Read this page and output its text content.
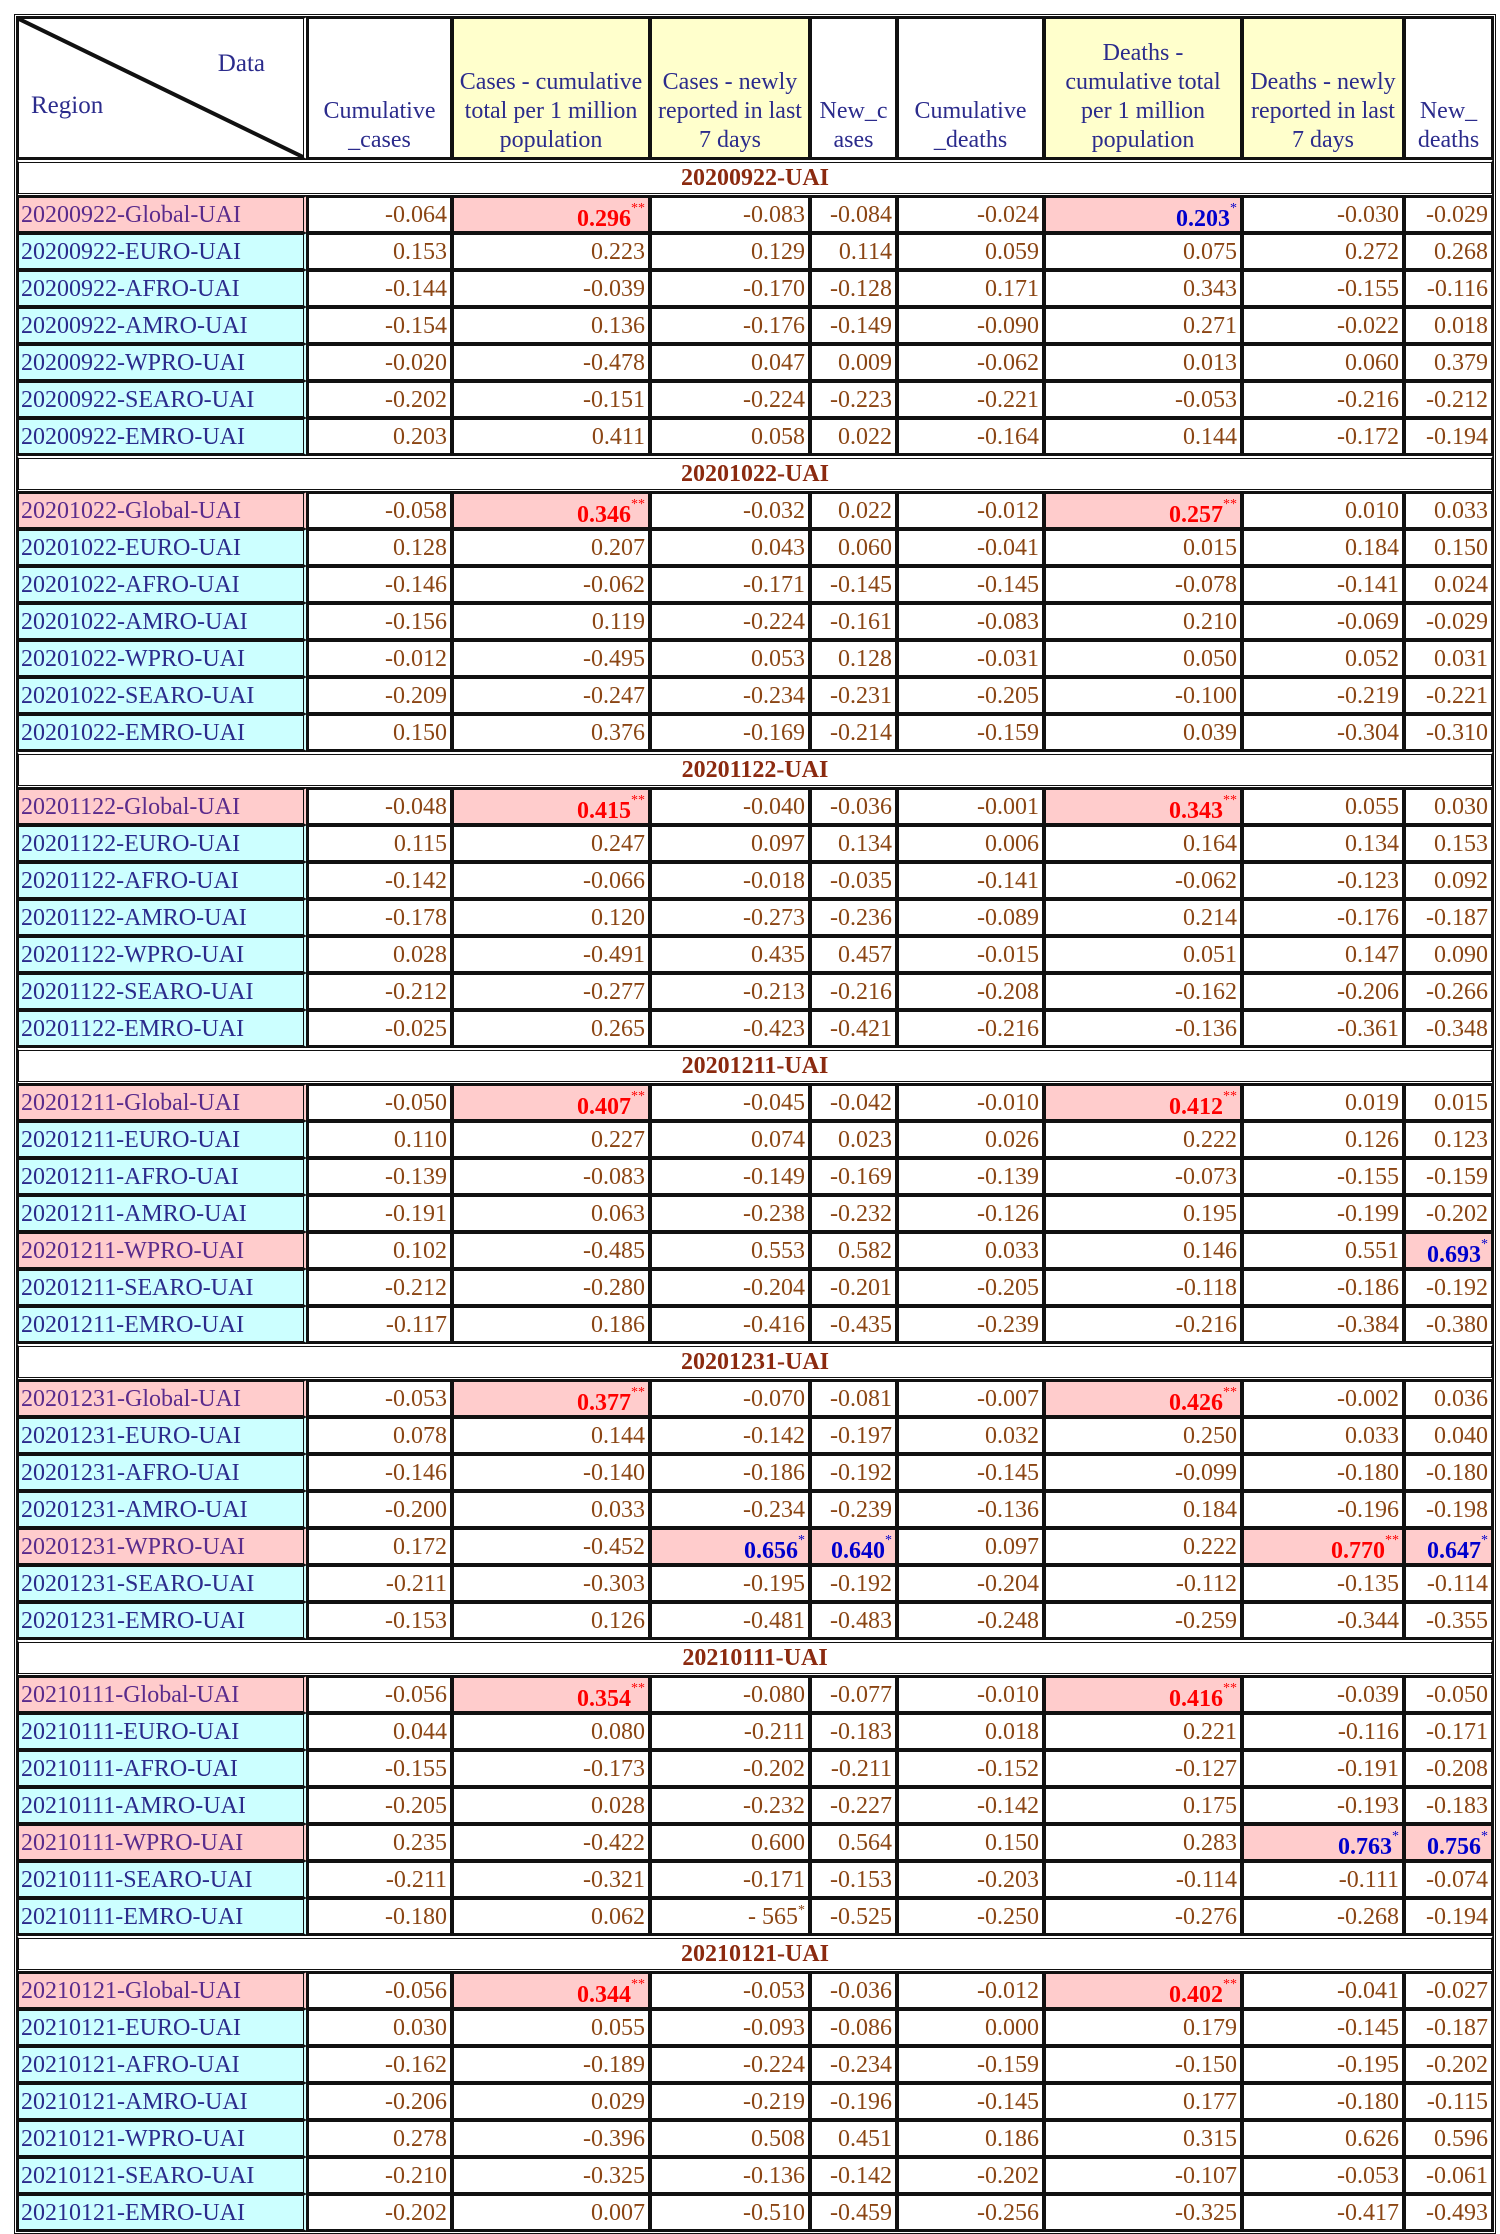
Data
Region	Cumulative _cases	Cases - cumulative total per 1 million population	Cases - newly reported in last 7 days	New_c ases	Cumulative _deaths	Deaths - cumulative total per 1 million population	Deaths - newly reported in last 7 days	New_ deaths
20200922-UAI								
20200922-Global-UAI	-0.064	0.296**	-0.083	-0.084	-0.024	0.203*	-0.030	-0.029
20200922-EURO-UAI	0.153	0.223	0.129	0.114	0.059	0.075	0.272	0.268
20200922-AFRO-UAI	-0.144	-0.039	-0.170	-0.128	0.171	0.343	-0.155	-0.116
20200922-AMRO-UAI	-0.154	0.136	-0.176	-0.149	-0.090	0.271	-0.022	0.018
20200922-WPRO-UAI	-0.020	-0.478	0.047	0.009	-0.062	0.013	0.060	0.379
20200922-SEARO-UAI	-0.202	-0.151	-0.224	-0.223	-0.221	-0.053	-0.216	-0.212
20200922-EMRO-UAI	0.203	0.411	0.058	0.022	-0.164	0.144	-0.172	-0.194
20201022-UAI								
20201022-Global-UAI	-0.058	0.346**	-0.032	0.022	-0.012	0.257**	0.010	0.033
20201022-EURO-UAI	0.128	0.207	0.043	0.060	-0.041	0.015	0.184	0.150
20201022-AFRO-UAI	-0.146	-0.062	-0.171	-0.145	-0.145	-0.078	-0.141	0.024
20201022-AMRO-UAI	-0.156	0.119	-0.224	-0.161	-0.083	0.210	-0.069	-0.029
20201022-WPRO-UAI	-0.012	-0.495	0.053	0.128	-0.031	0.050	0.052	0.031
20201022-SEARO-UAI	-0.209	-0.247	-0.234	-0.231	-0.205	-0.100	-0.219	-0.221
20201022-EMRO-UAI	0.150	0.376	-0.169	-0.214	-0.159	0.039	-0.304	-0.310
20201122-UAI								
20201122-Global-UAI	-0.048	0.415**	-0.040	-0.036	-0.001	0.343**	0.055	0.030
20201122-EURO-UAI	0.115	0.247	0.097	0.134	0.006	0.164	0.134	0.153
20201122-AFRO-UAI	-0.142	-0.066	-0.018	-0.035	-0.141	-0.062	-0.123	0.092
20201122-AMRO-UAI	-0.178	0.120	-0.273	-0.236	-0.089	0.214	-0.176	-0.187
20201122-WPRO-UAI	0.028	-0.491	0.435	0.457	-0.015	0.051	0.147	0.090
20201122-SEARO-UAI	-0.212	-0.277	-0.213	-0.216	-0.208	-0.162	-0.206	-0.266
20201122-EMRO-UAI	-0.025	0.265	-0.423	-0.421	-0.216	-0.136	-0.361	-0.348
20201211-UAI								
20201211-Global-UAI	-0.050	0.407**	-0.045	-0.042	-0.010	0.412**	0.019	0.015
20201211-EURO-UAI	0.110	0.227	0.074	0.023	0.026	0.222	0.126	0.123
20201211-AFRO-UAI	-0.139	-0.083	-0.149	-0.169	-0.139	-0.073	-0.155	-0.159
20201211-AMRO-UAI	-0.191	0.063	-0.238	-0.232	-0.126	0.195	-0.199	-0.202
20201211-WPRO-UAI	0.102	-0.485	0.553	0.582	0.033	0.146	0.551	0.693*
20201211-SEARO-UAI	-0.212	-0.280	-0.204	-0.201	-0.205	-0.118	-0.186	-0.192
20201211-EMRO-UAI	-0.117	0.186	-0.416	-0.435	-0.239	-0.216	-0.384	-0.380
20201231-UAI								
20201231-Global-UAI	-0.053	0.377**	-0.070	-0.081	-0.007	0.426**	-0.002	0.036
20201231-EURO-UAI	0.078	0.144	-0.142	-0.197	0.032	0.250	0.033	0.040
20201231-AFRO-UAI	-0.146	-0.140	-0.186	-0.192	-0.145	-0.099	-0.180	-0.180
20201231-AMRO-UAI	-0.200	0.033	-0.234	-0.239	-0.136	0.184	-0.196	-0.198
20201231-WPRO-UAI	0.172	-0.452	0.656*	0.640*	0.097	0.222	0.770**	0.647*
20201231-SEARO-UAI	-0.211	-0.303	-0.195	-0.192	-0.204	-0.112	-0.135	-0.114
20201231-EMRO-UAI	-0.153	0.126	-0.481	-0.483	-0.248	-0.259	-0.344	-0.355
20210111-UAI								
20210111-Global-UAI	-0.056	0.354**	-0.080	-0.077	-0.010	0.416**	-0.039	-0.050
20210111-EURO-UAI	0.044	0.080	-0.211	-0.183	0.018	0.221	-0.116	-0.171
20210111-AFRO-UAI	-0.155	-0.173	-0.202	-0.211	-0.152	-0.127	-0.191	-0.208
20210111-AMRO-UAI	-0.205	0.028	-0.232	-0.227	-0.142	0.175	-0.193	-0.183
20210111-WPRO-UAI	0.235	-0.422	0.600	0.564	0.150	0.283	0.763*	0.756*
20210111-SEARO-UAI	-0.211	-0.321	-0.171	-0.153	-0.203	-0.114	-0.111	-0.074
20210111-EMRO-UAI	-0.180	0.062	- 565*	-0.525	-0.250	-0.276	-0.268	-0.194
20210121-UAI								
20210121-Global-UAI	-0.056	0.344**	-0.053	-0.036	-0.012	0.402**	-0.041	-0.027
20210121-EURO-UAI	0.030	0.055	-0.093	-0.086	0.000	0.179	-0.145	-0.187
20210121-AFRO-UAI	-0.162	-0.189	-0.224	-0.234	-0.159	-0.150	-0.195	-0.202
20210121-AMRO-UAI	-0.206	0.029	-0.219	-0.196	-0.145	0.177	-0.180	-0.115
20210121-WPRO-UAI	0.278	-0.396	0.508	0.451	0.186	0.315	0.626	0.596
20210121-SEARO-UAI	-0.210	-0.325	-0.136	-0.142	-0.202	-0.107	-0.053	-0.061
20210121-EMRO-UAI	-0.202	0.007	-0.510	-0.459	-0.256	-0.325	-0.417	-0.493
